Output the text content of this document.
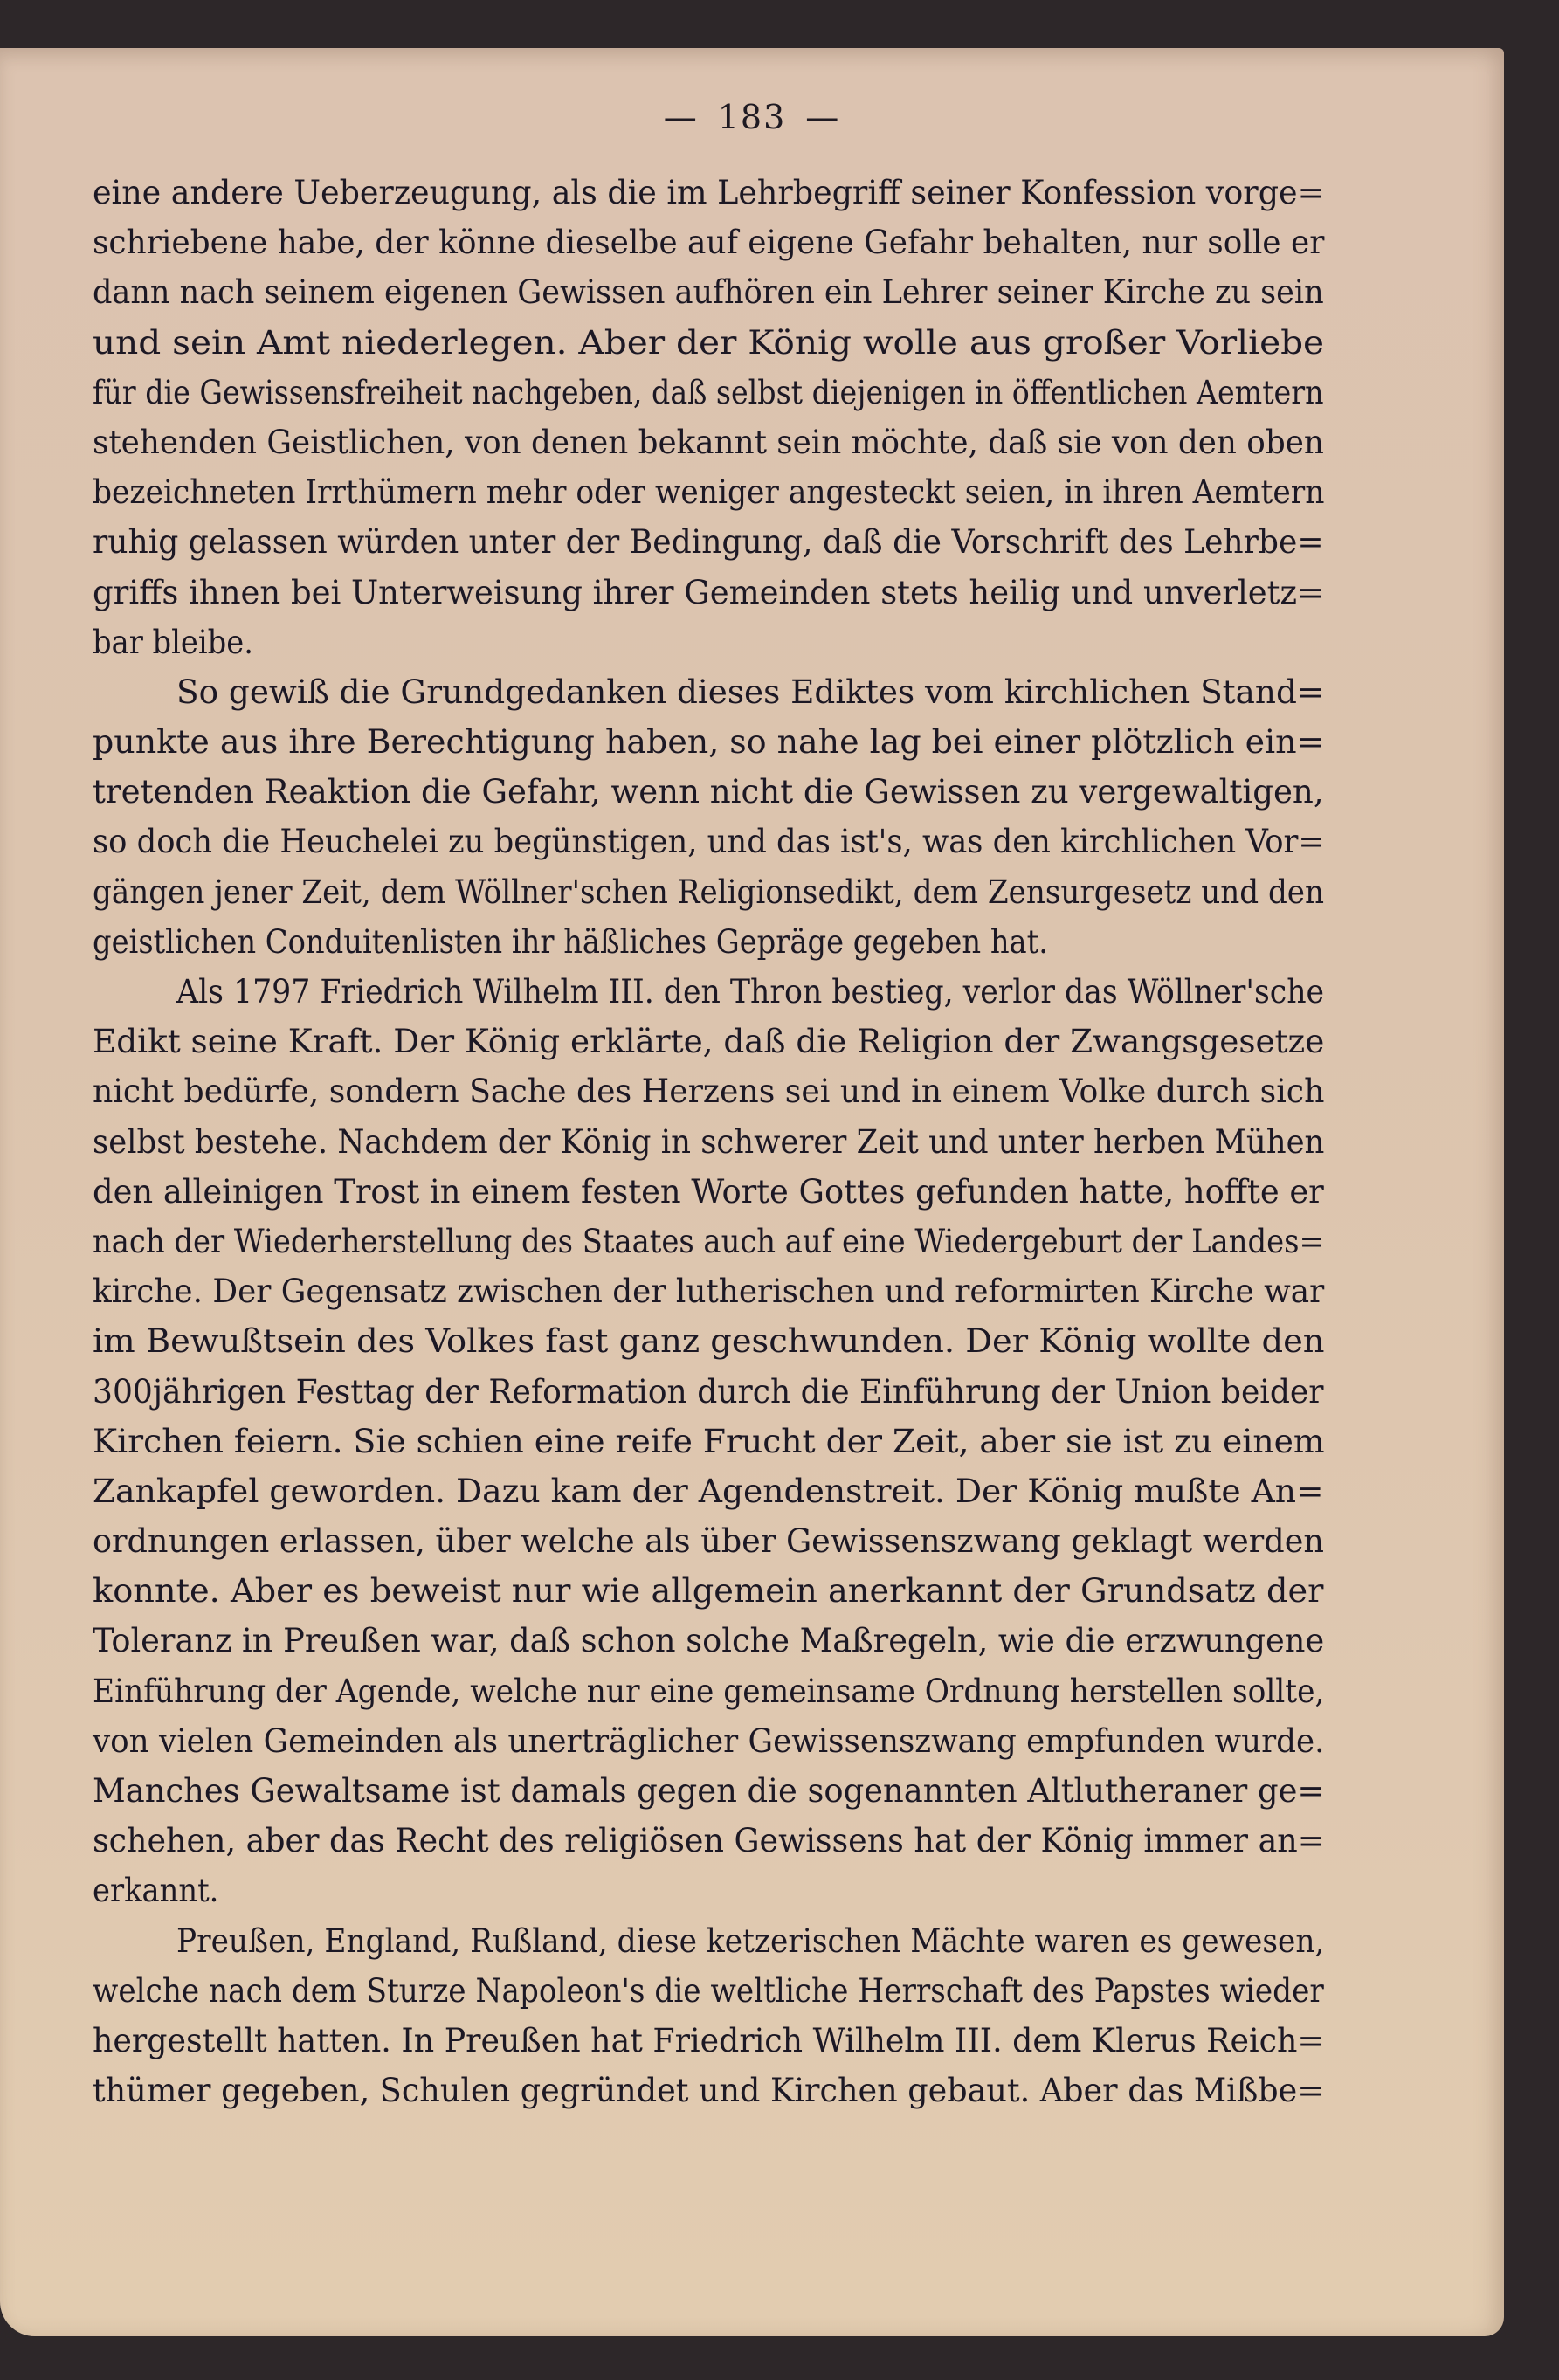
— 183 —
eine andere Ueberzeugung, als die im Lehrbegriff seiner Konfession vorge=
schriebene habe, der könne dieselbe auf eigene Gefahr behalten, nur solle er
dann nach seinem eigenen Gewissen aufhören ein Lehrer seiner Kirche zu sein
und sein Amt niederlegen. Aber der König wolle aus großer Vorliebe
für die Gewissensfreiheit nachgeben, daß selbst diejenigen in öffentlichen Aemtern
stehenden Geistlichen, von denen bekannt sein möchte, daß sie von den oben
bezeichneten Irrthümern mehr oder weniger angesteckt seien, in ihren Aemtern
ruhig gelassen würden unter der Bedingung, daß die Vorschrift des Lehrbe=
griffs ihnen bei Unterweisung ihrer Gemeinden stets heilig und unverletz=
bar bleibe.
So gewiß die Grundgedanken dieses Ediktes vom kirchlichen Stand=
punkte aus ihre Berechtigung haben, so nahe lag bei einer plötzlich ein=
tretenden Reaktion die Gefahr, wenn nicht die Gewissen zu vergewaltigen,
so doch die Heuchelei zu begünstigen, und das ist's, was den kirchlichen Vor=
gängen jener Zeit, dem Wöllner'schen Religionsedikt, dem Zensurgesetz und den
geistlichen Conduitenlisten ihr häßliches Gepräge gegeben hat.
Als 1797 Friedrich Wilhelm III. den Thron bestieg, verlor das Wöllner'sche
Edikt seine Kraft. Der König erklärte, daß die Religion der Zwangsgesetze
nicht bedürfe, sondern Sache des Herzens sei und in einem Volke durch sich
selbst bestehe. Nachdem der König in schwerer Zeit und unter herben Mühen
den alleinigen Trost in einem festen Worte Gottes gefunden hatte, hoffte er
nach der Wiederherstellung des Staates auch auf eine Wiedergeburt der Landes=
kirche. Der Gegensatz zwischen der lutherischen und reformirten Kirche war
im Bewußtsein des Volkes fast ganz geschwunden. Der König wollte den
300jährigen Festtag der Reformation durch die Einführung der Union beider
Kirchen feiern. Sie schien eine reife Frucht der Zeit, aber sie ist zu einem
Zankapfel geworden. Dazu kam der Agendenstreit. Der König mußte An=
ordnungen erlassen, über welche als über Gewissenszwang geklagt werden
konnte. Aber es beweist nur wie allgemein anerkannt der Grundsatz der
Toleranz in Preußen war, daß schon solche Maßregeln, wie die erzwungene
Einführung der Agende, welche nur eine gemeinsame Ordnung herstellen sollte,
von vielen Gemeinden als unerträglicher Gewissenszwang empfunden wurde.
Manches Gewaltsame ist damals gegen die sogenannten Altlutheraner ge=
schehen, aber das Recht des religiösen Gewissens hat der König immer an=
erkannt.
Preußen, England, Rußland, diese ketzerischen Mächte waren es gewesen,
welche nach dem Sturze Napoleon's die weltliche Herrschaft des Papstes wieder
hergestellt hatten. In Preußen hat Friedrich Wilhelm III. dem Klerus Reich=
thümer gegeben, Schulen gegründet und Kirchen gebaut. Aber das Mißbe=
